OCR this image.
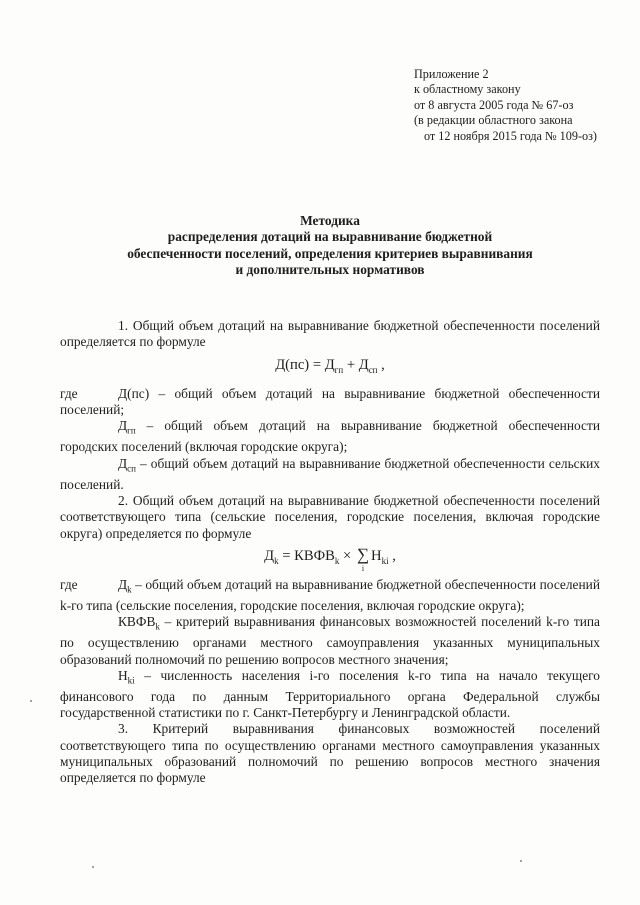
Приложение 2
к областному закону
от 8 августа 2005 года № 67-оз
(в редакции областного закона
от 12 ноября 2015 года № 109-оз)
Методика
распределения дотаций на выравнивание бюджетной
обеспеченности поселений, определения критериев выравнивания
и дополнительных нормативов
1. Общий объем дотаций на выравнивание бюджетной обеспеченности поселений определяется по формуле
$Д(пс) = Д_{гп} + Д_{сп}$ ,
где	Д(пс) – общий объем дотаций на выравнивание бюджетной обеспеченности поселений;
$Д_{гп}$ – общий объем дотаций на выравнивание бюджетной обеспеченности городских поселений (включая городские округа);
$Д_{сп}$ – общий объем дотаций на выравнивание бюджетной обеспеченности сельских поселений.
2. Общий объем дотаций на выравнивание бюджетной обеспеченности поселений соответствующего типа (сельские поселения, городские поселения, включая городские округа) определяется по формуле
$Д_k$ = $КВФВ_k$ × ∑
i
$Н_{ki}$ ,
где	$Д_k$ – общий объем дотаций на выравнивание бюджетной обеспеченности поселений k-го типа (сельские поселения, городские поселения, включая городские округа);
$КВФВ_k$ – критерий выравнивания финансовых возможностей поселений k-го типа по осуществлению органами местного самоуправления указанных муниципальных образований полномочий по решению вопросов местного значения;
$Н_{ki}$ – численность населения i-го поселения k-го типа на начало текущего финансового года по данным Территориального органа Федеральной службы государственной статистики по г. Санкт-Петербургу и Ленинградской области.
3. Критерий выравнивания финансовых возможностей поселений соответствующего типа по осуществлению органами местного самоуправления указанных муниципальных образований полномочий по решению вопросов местного значения определяется по формуле
